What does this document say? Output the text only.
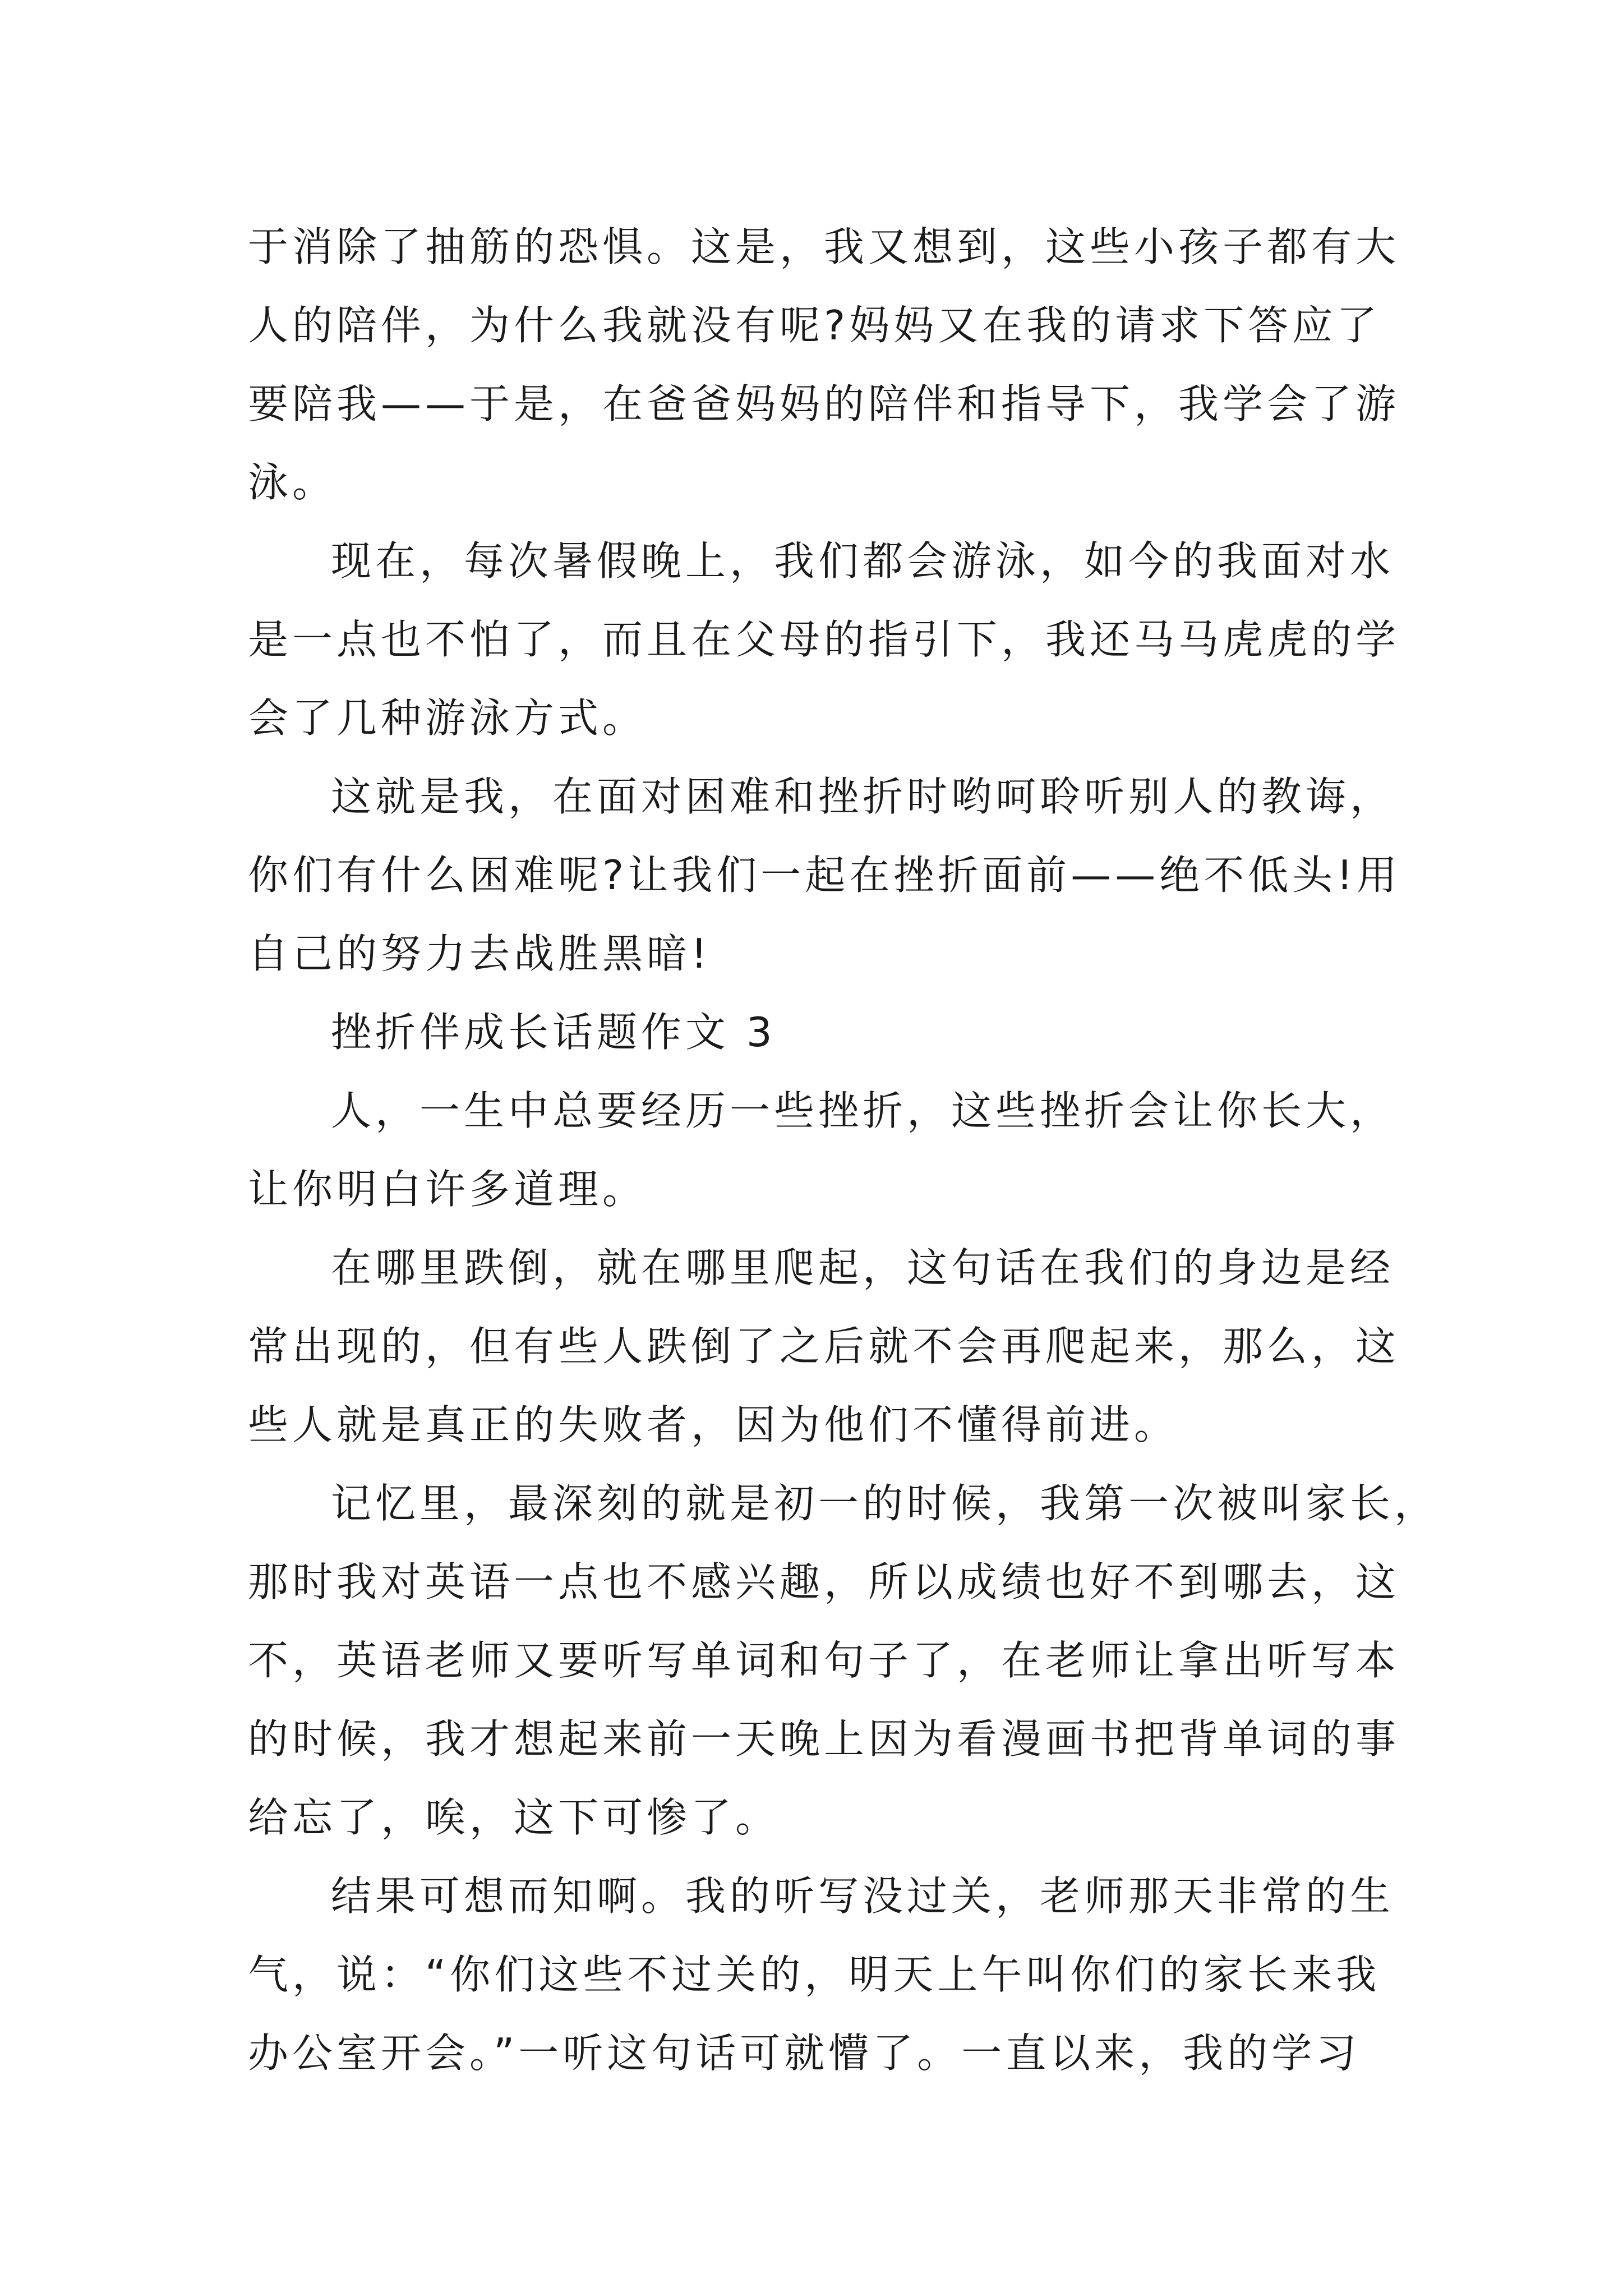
于消除了抽筋的恐惧。这是，我又想到，这些小孩子都有大

人的陪伴，为什么我就没有呢?妈妈又在我的请求下答应了

要陪我——于是，在爸爸妈妈的陪伴和指导下，我学会了游

泳。

现在，每次暑假晚上，我们都会游泳，如今的我面对水

是一点也不怕了，而且在父母的指引下，我还马马虎虎的学

会了几种游泳方式。

这就是我，在面对困难和挫折时哟呵聆听别人的教诲，

你们有什么困难呢?让我们一起在挫折面前——绝不低头!用

自己的努力去战胜黑暗!

挫折伴成长话题作文 3

人，一生中总要经历一些挫折，这些挫折会让你长大，

让你明白许多道理。

在哪里跌倒，就在哪里爬起，这句话在我们的身边是经

常出现的，但有些人跌倒了之后就不会再爬起来，那么，这

些人就是真正的失败者，因为他们不懂得前进。

记忆里，最深刻的就是初一的时候，我第一次被叫家长，

那时我对英语一点也不感兴趣，所以成绩也好不到哪去，这

不，英语老师又要听写单词和句子了，在老师让拿出听写本

的时候，我才想起来前一天晚上因为看漫画书把背单词的事

给忘了，唉，这下可惨了。

结果可想而知啊。我的听写没过关，老师那天非常的生

气，说：“你们这些不过关的，明天上午叫你们的家长来我

办公室开会。”一听这句话可就懵了。一直以来，我的学习
